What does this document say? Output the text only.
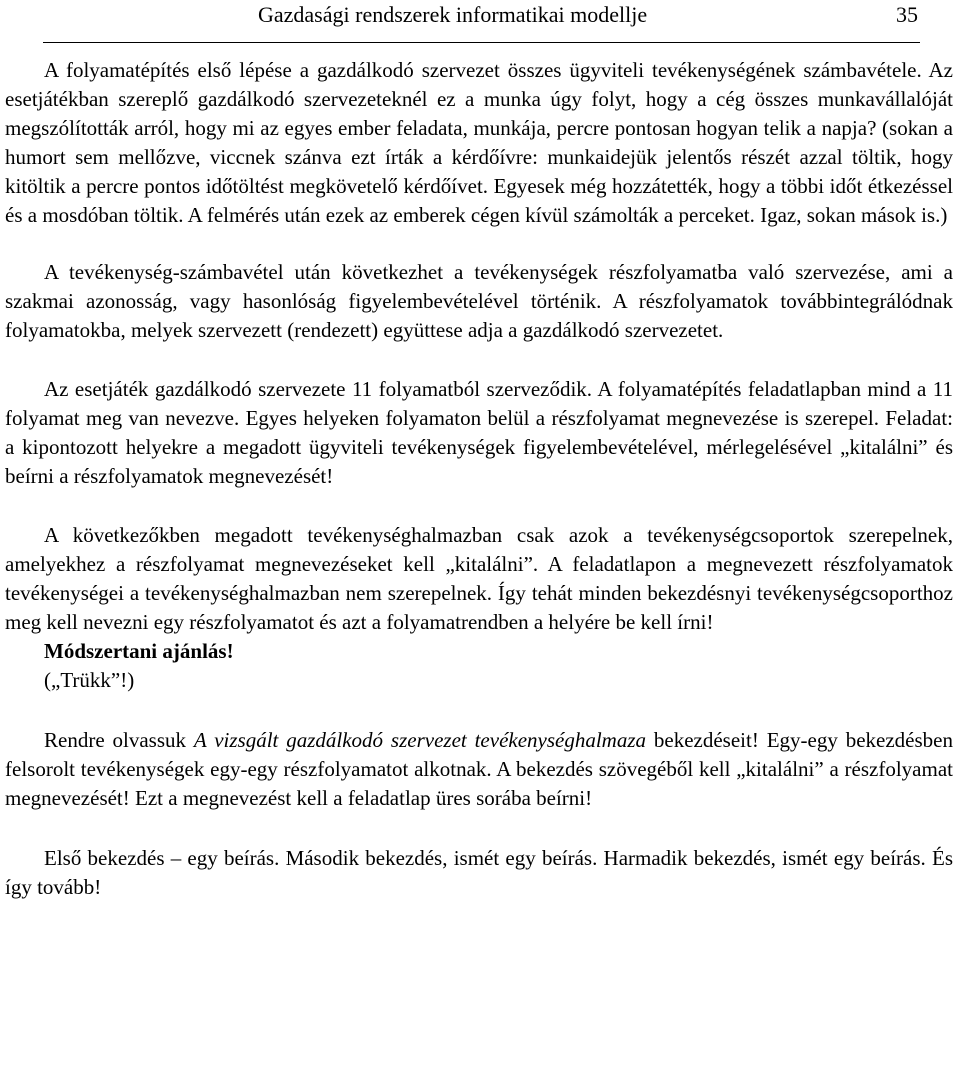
Gazdasági rendszerek informatikai modellje	35

A folyamatépítés első lépése a gazdálkodó szervezet összes ügyviteli tevékenységének számbavétele. Az esetjátékban szereplő gazdálkodó szervezeteknél ez a munka úgy folyt, hogy a cég összes munkavállalóját megszólították arról, hogy mi az egyes ember feladata, munkája, percre pontosan hogyan telik a napja? (sokan a humort sem mellőzve, viccnek szánva ezt írták a kérdőívre: munkaidejük jelentős részét azzal töltik, hogy kitöltik a percre pontos időtöltést megkövetelő kérdőívet. Egyesek még hozzátették, hogy a többi időt étkezéssel és a mosdóban töltik. A felmérés után ezek az emberek cégen kívül számolták a perceket. Igaz, sokan mások is.)

A tevékenység-számbavétel után következhet a tevékenységek részfolyamatba való szervezése, ami a szakmai azonosság, vagy hasonlóság figyelembevételével történik. A részfolyamatok továbbintegrálódnak folyamatokba, melyek szervezett (rendezett) együttese adja a gazdálkodó szervezetet.

Az esetjáték gazdálkodó szervezete 11 folyamatból szerveződik. A folyamatépítés feladatlapban mind a 11 folyamat meg van nevezve. Egyes helyeken folyamaton belül a részfolyamat megnevezése is szerepel. Feladat: a kipontozott helyekre a megadott ügyviteli tevékenységek figyelembevételével, mérlegelésével „kitalálni” és beírni a részfolyamatok megnevezését!

A következőkben megadott tevékenységhalmazban csak azok a tevékenységcsoportok szerepelnek, amelyekhez a részfolyamat megnevezéseket kell „kitalálni”. A feladatlapon a megnevezett részfolyamatok tevékenységei a tevékenységhalmazban nem szerepelnek. Így tehát minden bekezdésnyi tevékenységcsoporthoz meg kell nevezni egy részfolyamatot és azt a folyamatrendben a helyére be kell írni!

Módszertani ajánlás!

(„Trükk”!)

Rendre olvassuk A vizsgált gazdálkodó szervezet tevékenységhalmaza bekezdéseit! Egy-egy bekezdésben felsorolt tevékenységek egy-egy részfolyamatot alkotnak. A bekezdés szövegéből kell „kitalálni” a részfolyamat megnevezését! Ezt a megnevezést kell a feladatlap üres sorába beírni!

Első bekezdés – egy beírás. Második bekezdés, ismét egy beírás. Harmadik bekezdés, ismét egy beírás. És így tovább!
